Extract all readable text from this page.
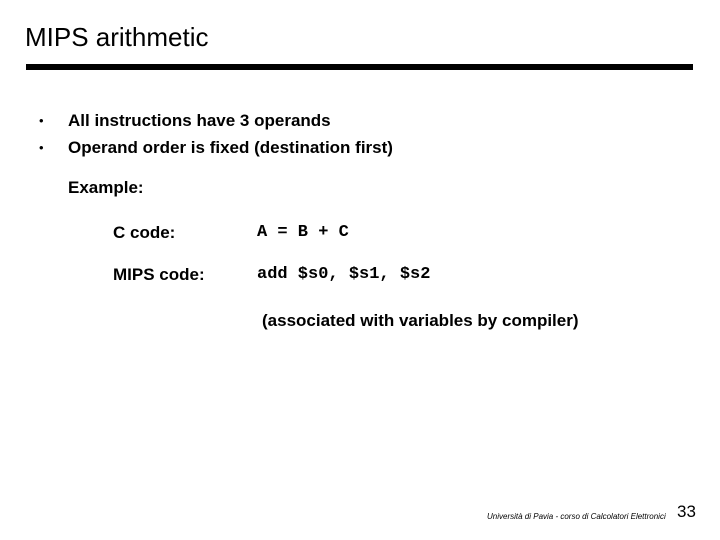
MIPS arithmetic
• All instructions have 3 operands
• Operand order is fixed (destination first)
Example:
C code:	A = B + C
MIPS code:	add $s0, $s1, $s2
(associated with variables by compiler)
Università di Pavia - corso di Calcolatori Elettronici 33
